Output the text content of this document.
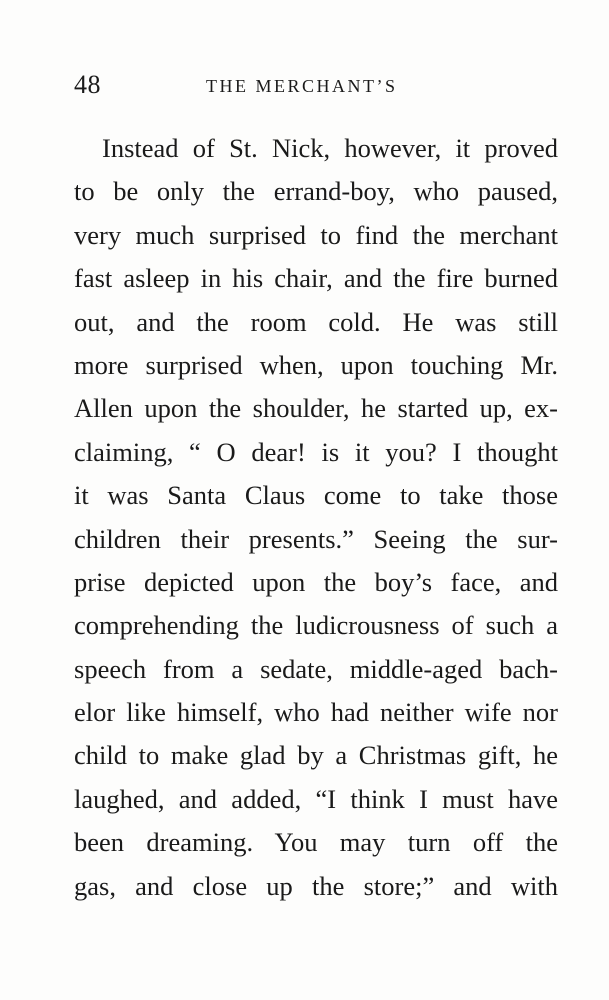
48	THE MERCHANT’S
Instead of St. Nick, however, it proved
to be only the errand-boy, who paused,
very much surprised to find the merchant
fast asleep in his chair, and the fire burned
out, and the room cold. He was still
more surprised when, upon touching Mr.
Allen upon the shoulder, he started up, ex-
claiming, “ O dear! is it you? I thought
it was Santa Claus come to take those
children their presents.” Seeing the sur-
prise depicted upon the boy’s face, and
comprehending the ludicrousness of such a
speech from a sedate, middle-aged bach-
elor like himself, who had neither wife nor
child to make glad by a Christmas gift, he
laughed, and added, “I think I must have
been dreaming. You may turn off the
gas, and close up the store;” and with
